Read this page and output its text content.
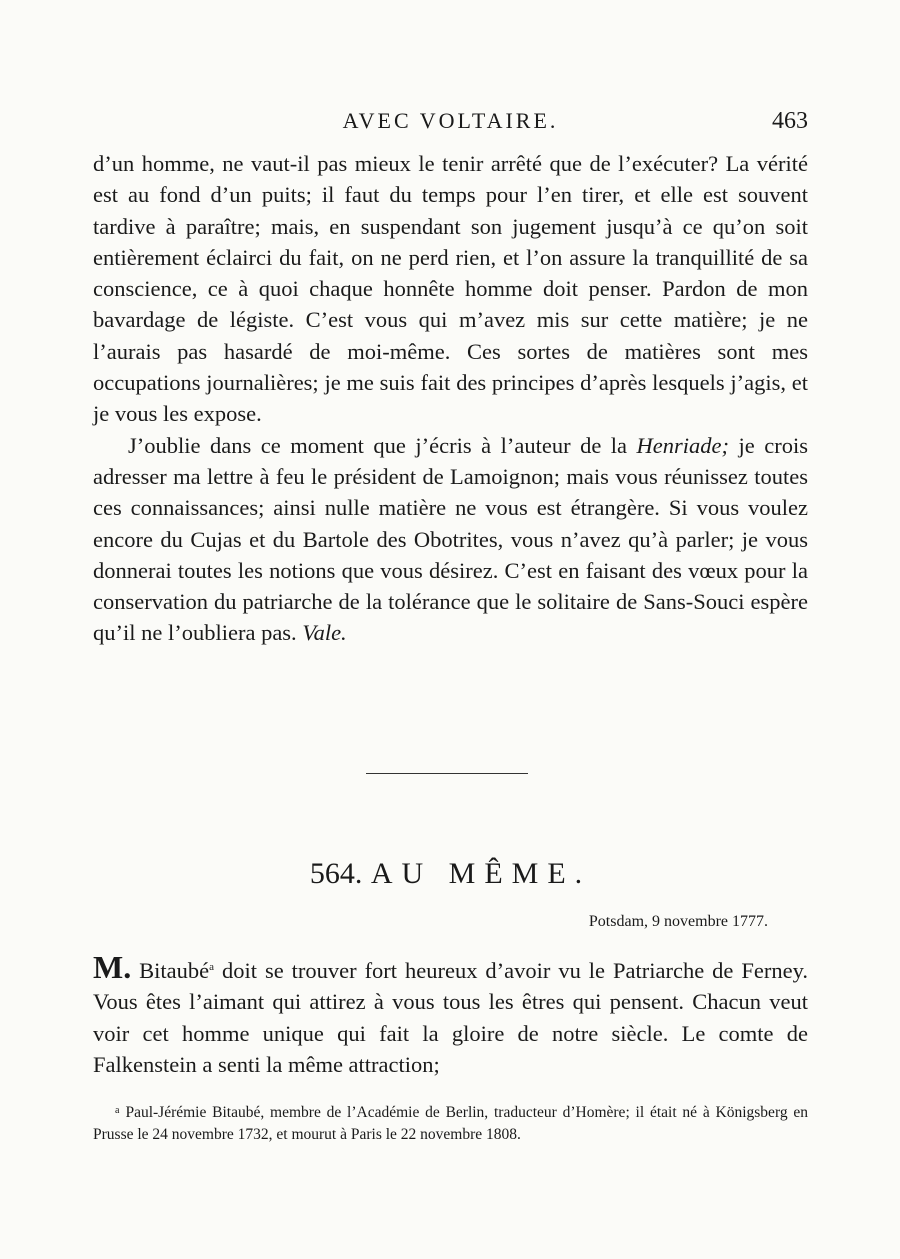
AVEC VOLTAIRE.	463

d’un homme, ne vaut-il pas mieux le tenir arrêté que de l’exécuter? La vérité est au fond d’un puits; il faut du temps pour l’en tirer, et elle est souvent tardive à paraître; mais, en suspendant son jugement jusqu’à ce qu’on soit entièrement éclairci du fait, on ne perd rien, et l’on assure la tranquillité de sa conscience, ce à quoi chaque honnête homme doit penser. Pardon de mon bavardage de légiste. C’est vous qui m’avez mis sur cette matière; je ne l’aurais pas hasardé de moi-même. Ces sortes de matières sont mes occupations journalières; je me suis fait des principes d’après lesquels j’agis, et je vous les expose.

J’oublie dans ce moment que j’écris à l’auteur de la Henriade; je crois adresser ma lettre à feu le président de Lamoignon; mais vous réunissez toutes ces connaissances; ainsi nulle matière ne vous est étrangère. Si vous voulez encore du Cujas et du Bartole des Obotrites, vous n’avez qu’à parler; je vous donnerai toutes les notions que vous désirez. C’est en faisant des vœux pour la conservation du patriarche de la tolérance que le solitaire de Sans-Souci espère qu’il ne l’oubliera pas. Vale.

564. AU MÊME.
Potsdam, 9 novembre 1777.

M. Bitaubé$^a$ doit se trouver fort heureux d’avoir vu le Patriarche de Ferney. Vous êtes l’aimant qui attirez à vous tous les êtres qui pensent. Chacun veut voir cet homme unique qui fait la gloire de notre siècle. Le comte de Falkenstein a senti la même attraction;

$^a$ Paul-Jérémie Bitaubé, membre de l’Académie de Berlin, traducteur d’Homère; il était né à Königsberg en Prusse le 24 novembre 1732, et mourut à Paris le 22 novembre 1808.
